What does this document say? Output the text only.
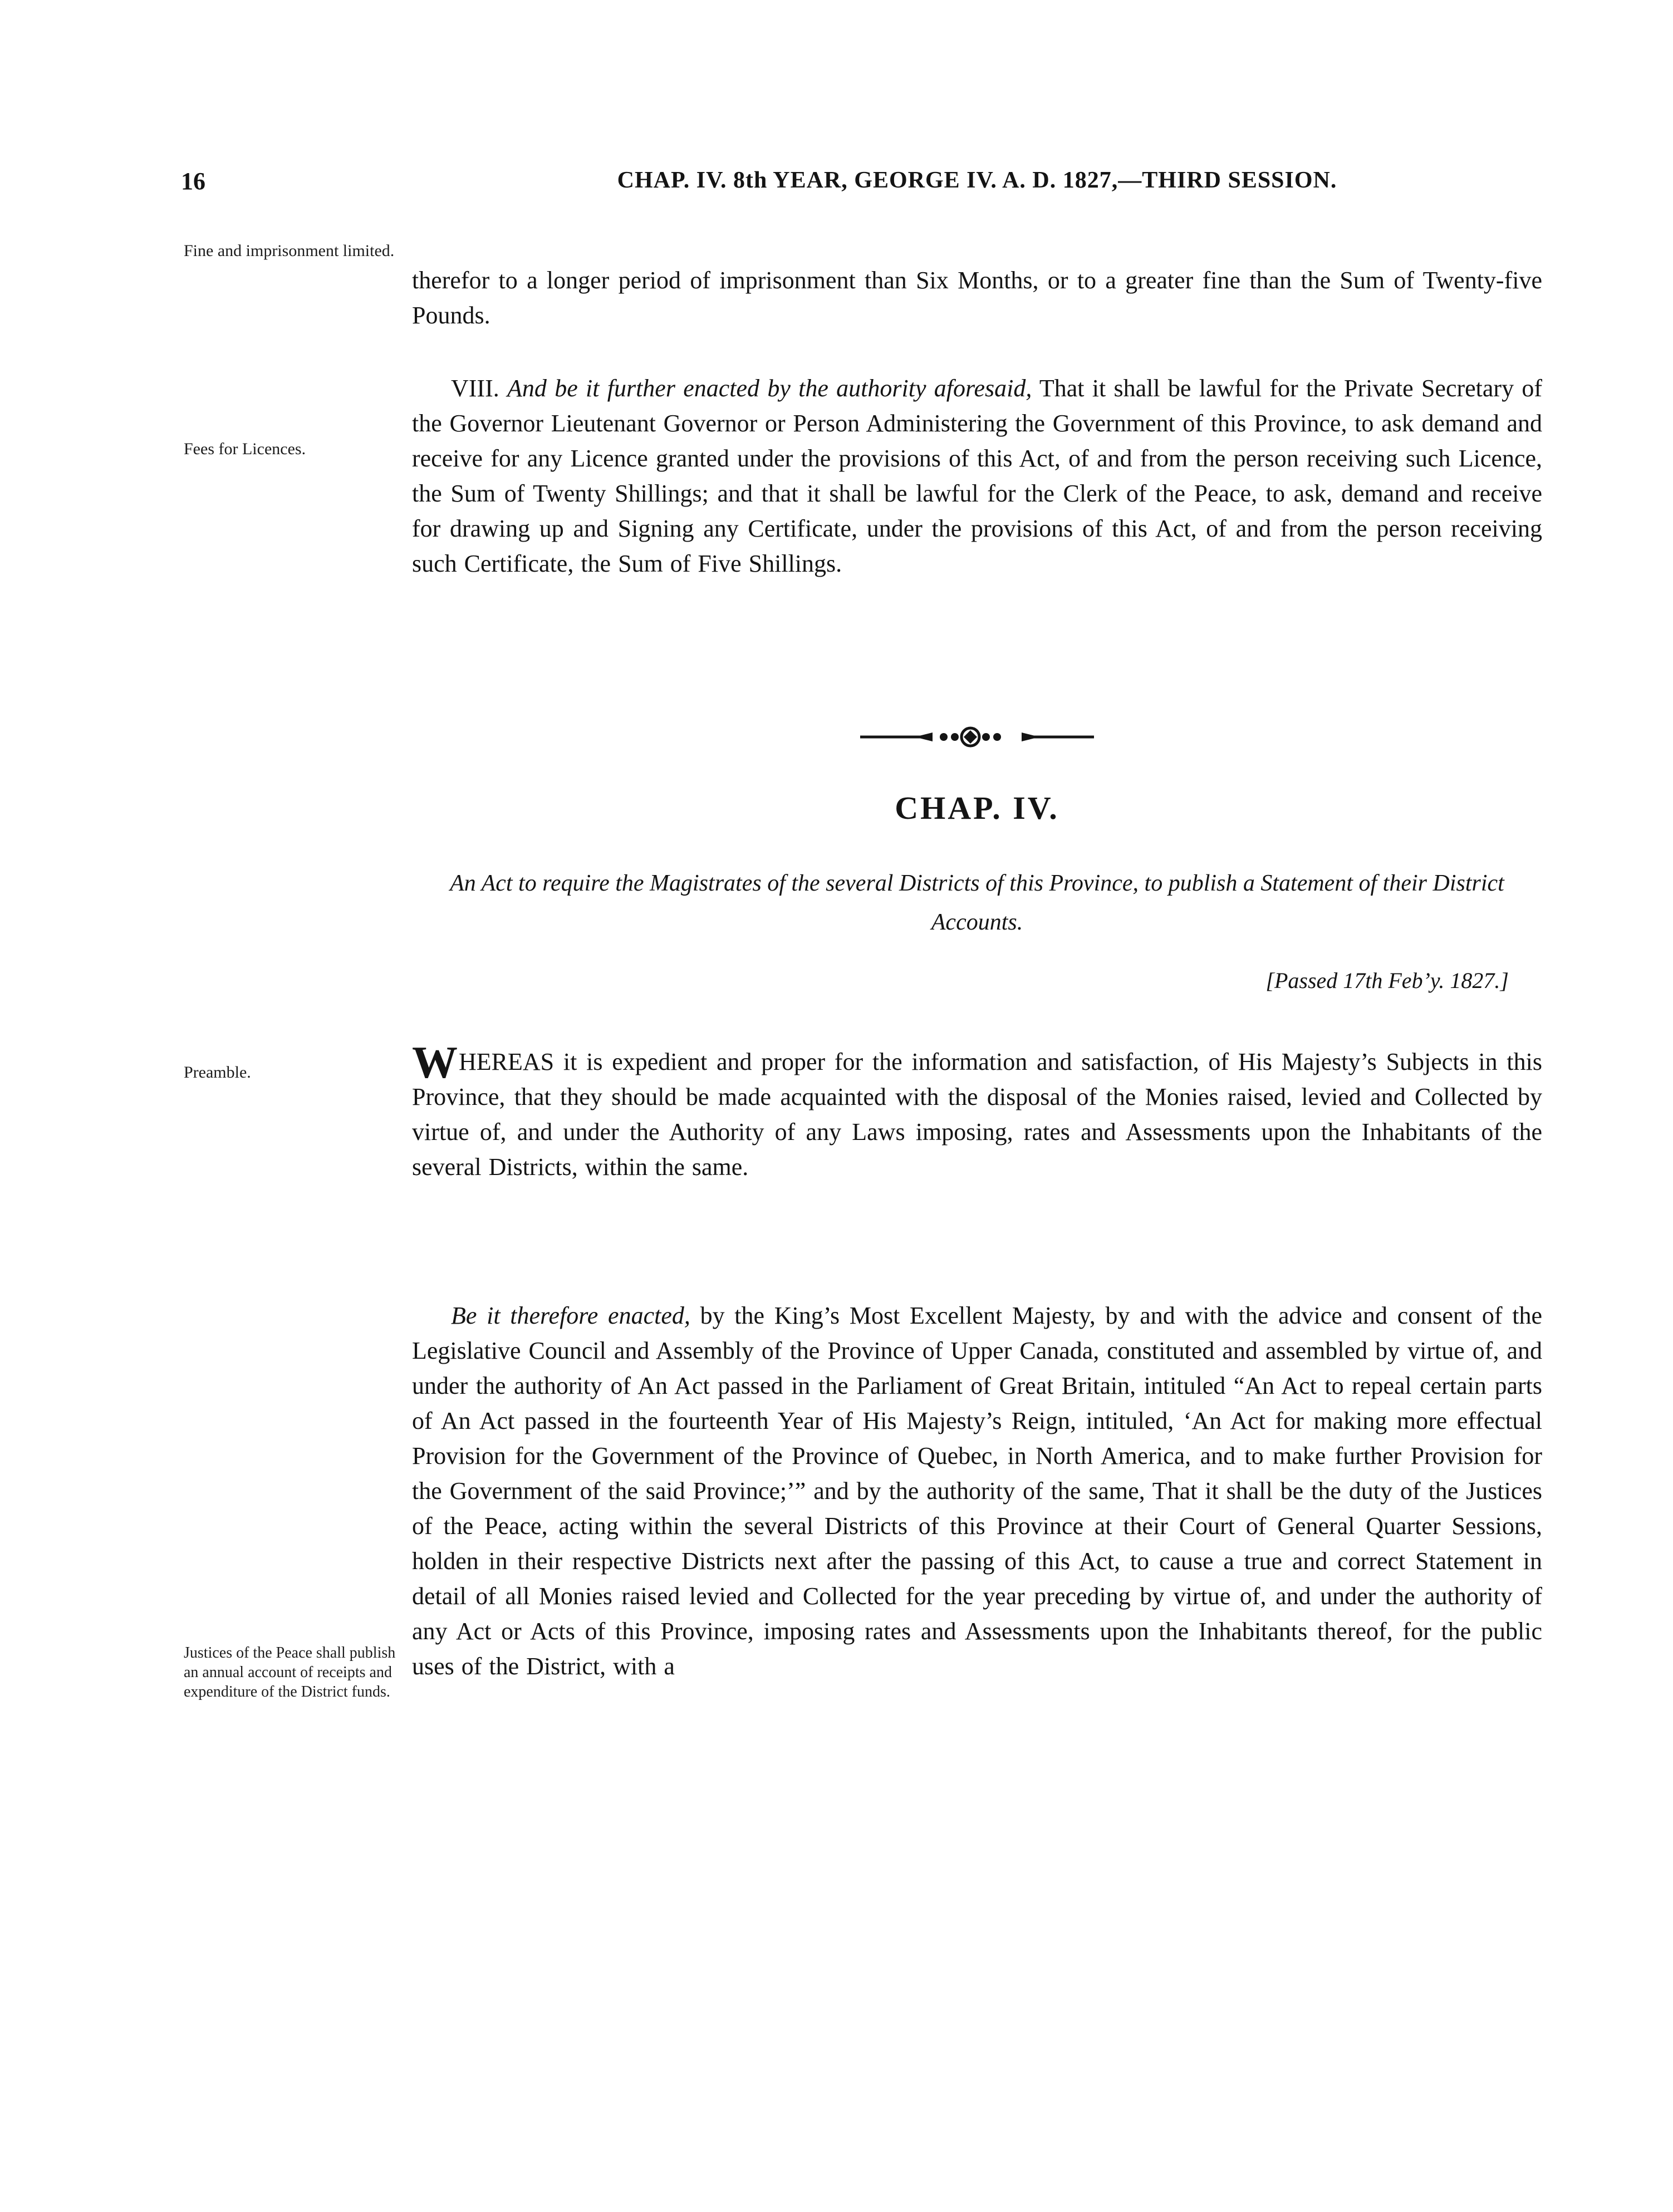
16	CHAP. IV. 8th YEAR, GEORGE IV. A. D. 1827,—THIRD SESSION.
Fine and imprisonment limited.
Fees for Licences.
Preamble.
Justices of the Peace shall publish an annual account of receipts and expenditure of the District funds.

therefor to a longer period of imprisonment than Six Months, or to a greater fine than the Sum of Twenty-five Pounds.

VIII. And be it further enacted by the authority aforesaid, That it shall be lawful for the Private Secretary of the Governor Lieutenant Governor or Person Administering the Government of this Province, to ask demand and receive for any Licence granted under the provisions of this Act, of and from the person receiving such Licence, the Sum of Twenty Shillings; and that it shall be lawful for the Clerk of the Peace, to ask, demand and receive for drawing up and Signing any Certificate, under the provisions of this Act, of and from the person receiving such Certificate, the Sum of Five Shillings.

CHAP. IV.
An Act to require the Magistrates of the several Districts of this Province, to publish a Statement of their District Accounts.
[Passed 17th Feb’y. 1827.]

WHEREAS it is expedient and proper for the information and satisfaction, of His Majesty’s Subjects in this Province, that they should be made acquainted with the disposal of the Monies raised, levied and Collected by virtue of, and under the Authority of any Laws imposing, rates and Assessments upon the Inhabitants of the several Districts, within the same.

Be it therefore enacted, by the King’s Most Excellent Majesty, by and with the advice and consent of the Legislative Council and Assembly of the Province of Upper Canada, constituted and assembled by virtue of, and under the authority of An Act passed in the Parliament of Great Britain, intituled “An Act to repeal certain parts of An Act passed in the fourteenth Year of His Majesty’s Reign, intituled, ‘An Act for making more effectual Provision for the Government of the Province of Quebec, in North America, and to make further Provision for the Government of the said Province;’” and by the authority of the same, That it shall be the duty of the Justices of the Peace, acting within the several Districts of this Province at their Court of General Quarter Sessions, holden in their respective Districts next after the passing of this Act, to cause a true and correct Statement in detail of all Monies raised levied and Collected for the year preceding by virtue of, and under the authority of any Act or Acts of this Province, imposing rates and Assessments upon the Inhabitants thereof, for the public uses of the District, with a
